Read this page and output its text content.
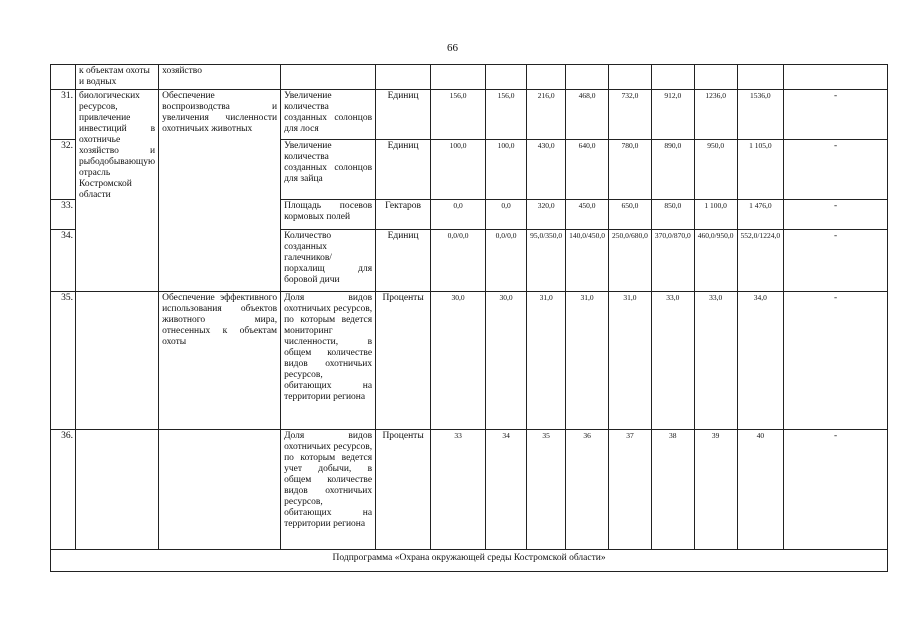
66
	к объектам охоты и водных	хозяйство											
31.	биологических ресурсов, привлечение инвестиций в охотничье хозяйство и рыбодобывающую отрасль Костромской области	Обеспечение воспроизводства и увеличения численности охотничьих животных	Увеличение количества созданных солонцов для лося	Единиц	156,0	156,0	216,0	468,0	732,0	912,0	1236,0	1536,0	-
32.			Увеличение количества созданных солонцов для зайца	Единиц	100,0	100,0	430,0	640,0	780,0	890,0	950,0	1 105,0	-
33.			Площадь посевов кормовых полей	Гектаров	0,0	0,0	320,0	450,0	650,0	850,0	1 100,0	1 476,0	-
34.			Количество созданных галечников/порхалищ для боровой дичи	Единиц	0,0/0,0	0,0/0,0	95,0/350,0	140,0/450,0	250,0/680,0	370,0/870,0	460,0/950,0	552,0/1224,0	-
35.		Обеспечение эффективного использования объектов животного мира, отнесенных к объектам охоты	Доля видов охотничьих ресурсов, по которым ведется мониторинг численности, в общем количестве видов охотничьих ресурсов, обитающих на территории региона	Проценты	30,0	30,0	31,0	31,0	31,0	33,0	33,0	34,0	-
36.			Доля видов охотничьих ресурсов, по которым ведется учет добычи, в общем количестве видов охотничьих ресурсов, обитающих на территории региона	Проценты	33	34	35	36	37	38	39	40	-
Подпрограмма «Охрана окружающей среды Костромской области»													
